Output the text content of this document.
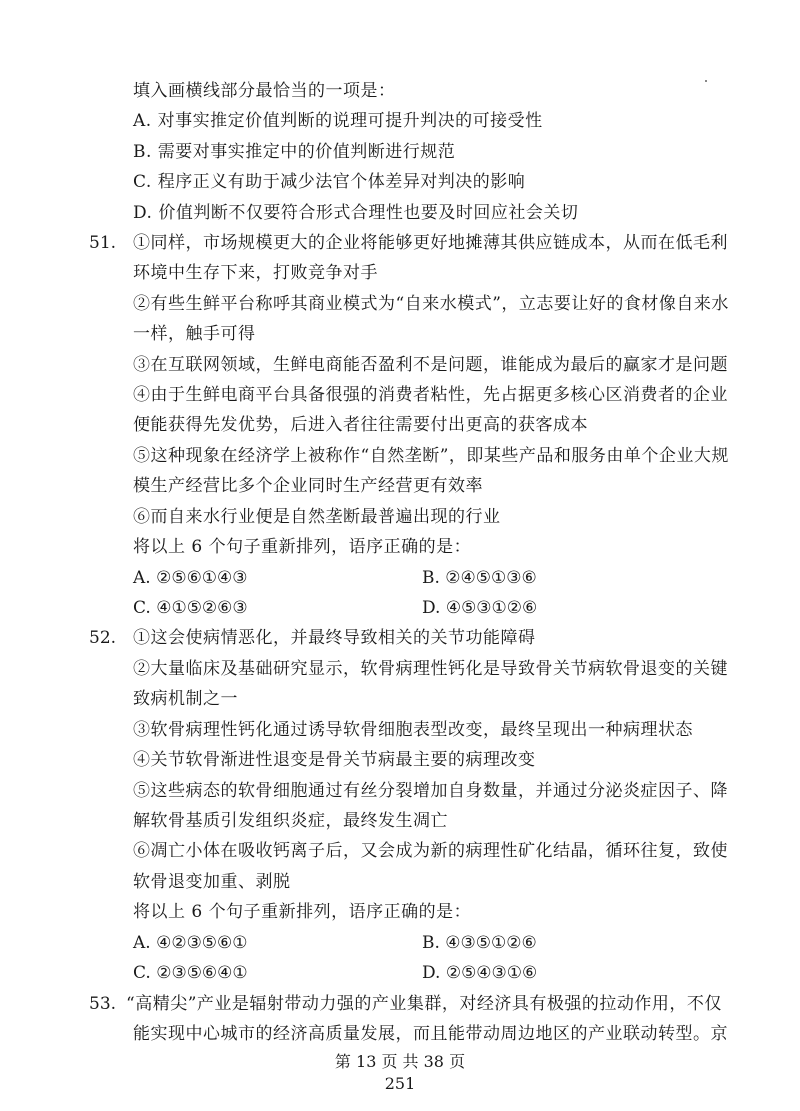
填入画横线部分最恰当的一项是：
A. 对事实推定价值判断的说理可提升判决的可接受性
B. 需要对事实推定中的价值判断进行规范
C. 程序正义有助于减少法官个体差异对判决的影响
D. 价值判断不仅要符合形式合理性也要及时回应社会关切
51. ①同样，市场规模更大的企业将能够更好地摊薄其供应链成本，从而在低毛利
环境中生存下来，打败竞争对手
②有些生鲜平台称呼其商业模式为“自来水模式”，立志要让好的食材像自来水
一样，触手可得
③在互联网领域，生鲜电商能否盈利不是问题，谁能成为最后的赢家才是问题
④由于生鲜电商平台具备很强的消费者粘性，先占据更多核心区消费者的企业
便能获得先发优势，后进入者往往需要付出更高的获客成本
⑤这种现象在经济学上被称作“自然垄断”，即某些产品和服务由单个企业大规
模生产经营比多个企业同时生产经营更有效率
⑥而自来水行业便是自然垄断最普遍出现的行业
将以上 6 个句子重新排列，语序正确的是：
A. ②⑤⑥①④③	B. ②④⑤①③⑥
C. ④①⑤②⑥③	D. ④⑤③①②⑥
52. ①这会使病情恶化，并最终导致相关的关节功能障碍
②大量临床及基础研究显示，软骨病理性钙化是导致骨关节病软骨退变的关键
致病机制之一
③软骨病理性钙化通过诱导软骨细胞表型改变，最终呈现出一种病理状态
④关节软骨渐进性退变是骨关节病最主要的病理改变
⑤这些病态的软骨细胞通过有丝分裂增加自身数量，并通过分泌炎症因子、降
解软骨基质引发组织炎症，最终发生凋亡
⑥凋亡小体在吸收钙离子后，又会成为新的病理性矿化结晶，循环往复，致使
软骨退变加重、剥脱
将以上 6 个句子重新排列，语序正确的是：
A. ④②③⑤⑥①	B. ④③⑤①②⑥
C. ②③⑤⑥④①	D. ②⑤④③①⑥
53. “高精尖”产业是辐射带动力强的产业集群，对经济具有极强的拉动作用，不仅
能实现中心城市的经济高质量发展，而且能带动周边地区的产业联动转型。京
第 13 页 共 38 页
251
